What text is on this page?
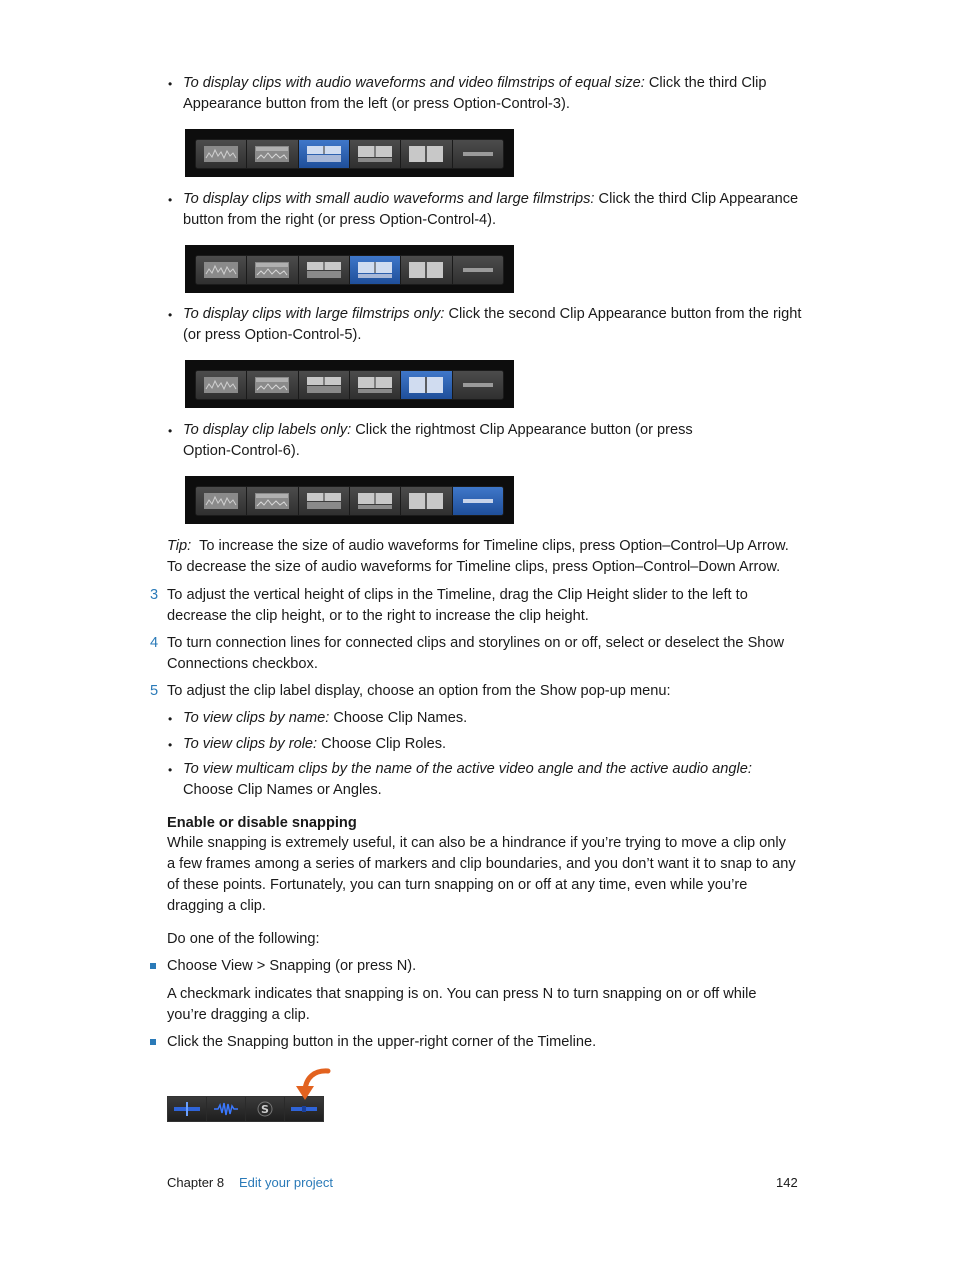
• To display clips with audio waveforms and video filmstrips of equal size: Click the third Clip Appearance button from the left (or press Option-Control-3).
• To display clips with small audio waveforms and large filmstrips: Click the third Clip Appearance button from the right (or press Option-Control-4).
• To display clips with large filmstrips only: Click the second Clip Appearance button from the right (or press Option-Control-5).
• To display clip labels only: Click the rightmost Clip Appearance button (or press Option-Control-6).
Tip: To increase the size of audio waveforms for Timeline clips, press Option–Control–Up Arrow. To decrease the size of audio waveforms for Timeline clips, press Option–Control–Down Arrow.
3 To adjust the vertical height of clips in the Timeline, drag the Clip Height slider to the left to decrease the clip height, or to the right to increase the clip height.
4 To turn connection lines for connected clips and storylines on or off, select or deselect the Show Connections checkbox.
5 To adjust the clip label display, choose an option from the Show pop-up menu:
• To view clips by name: Choose Clip Names.
• To view clips by role: Choose Clip Roles.
• To view multicam clips by the name of the active video angle and the active audio angle: Choose Clip Names or Angles.
Enable or disable snapping
While snapping is extremely useful, it can also be a hindrance if you’re trying to move a clip only a few frames among a series of markers and clip boundaries, and you don’t want it to snap to any of these points. Fortunately, you can turn snapping on or off at any time, even while you’re dragging a clip.
Do one of the following:
Choose View > Snapping (or press N).
A checkmark indicates that snapping is on. You can press N to turn snapping on or off while you’re dragging a clip.
Click the Snapping button in the upper-right corner of the Timeline.
S
Chapter 8 Edit your project	142
